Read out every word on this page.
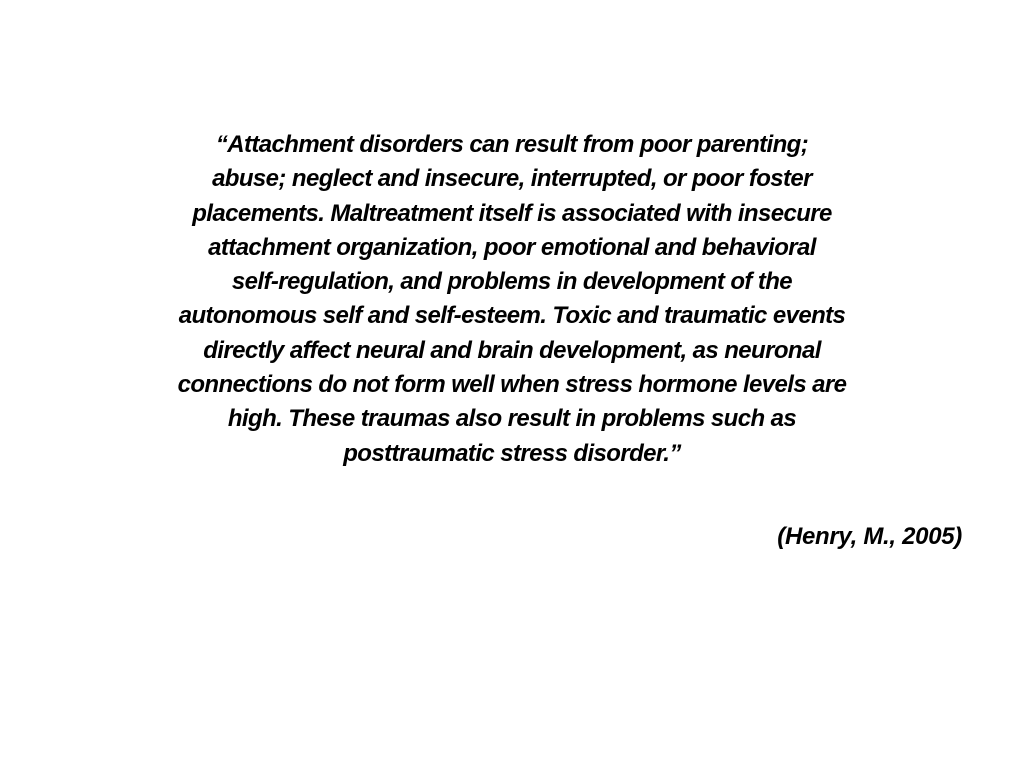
“Attachment disorders can result from poor parenting;
abuse; neglect and insecure, interrupted, or poor foster
placements. Maltreatment itself is associated with insecure
attachment organization, poor emotional and behavioral
self-regulation, and problems in development of the
autonomous self and self-esteem. Toxic and traumatic events
directly affect neural and brain development, as neuronal
connections do not form well when stress hormone levels are
high. These traumas also result in problems such as
posttraumatic stress disorder.”
(Henry, M., 2005)
